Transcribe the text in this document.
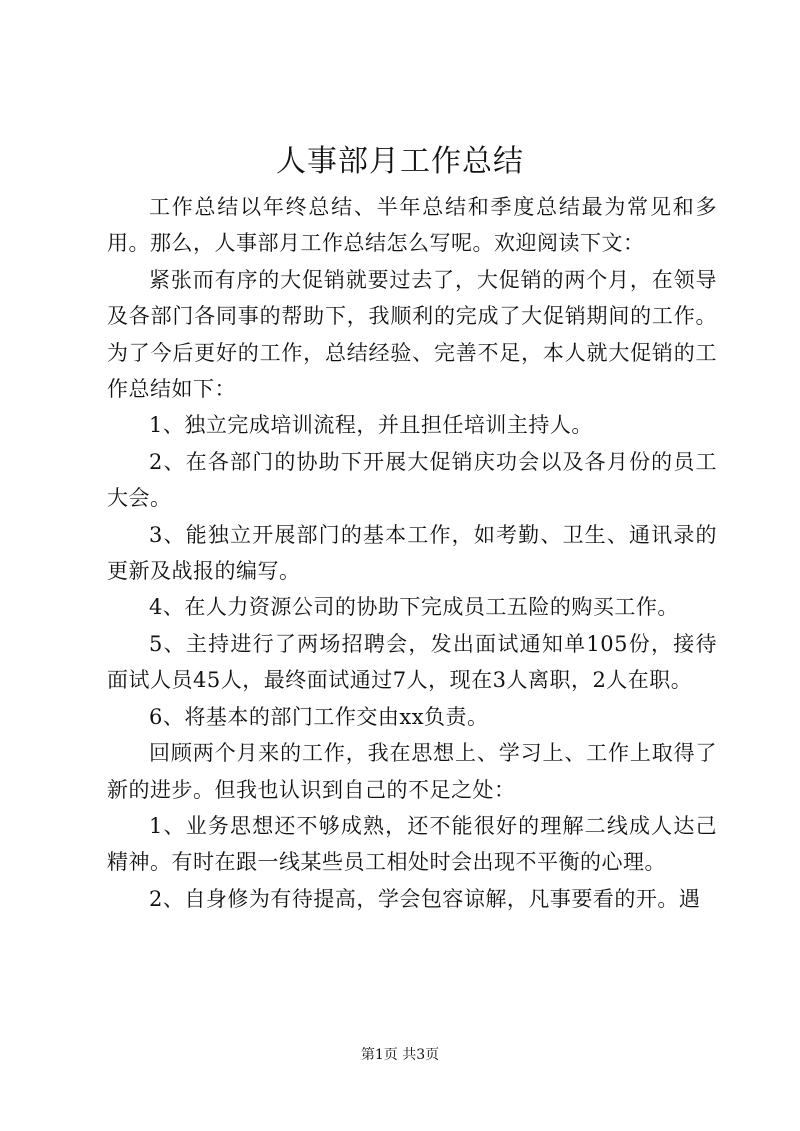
人事部月工作总结

工作总结以年终总结、半年总结和季度总结最为常见和多用。那么，人事部月工作总结怎么写呢。欢迎阅读下文：

紧张而有序的大促销就要过去了，大促销的两个月，在领导及各部门各同事的帮助下，我顺利的完成了大促销期间的工作。为了今后更好的工作，总结经验、完善不足，本人就大促销的工作总结如下：

1、独立完成培训流程，并且担任培训主持人。

2、在各部门的协助下开展大促销庆功会以及各月份的员工大会。

3、能独立开展部门的基本工作，如考勤、卫生、通讯录的更新及战报的编写。

4、在人力资源公司的协助下完成员工五险的购买工作。

5、主持进行了两场招聘会，发出面试通知单105份，接待面试人员45人，最终面试通过7人，现在3人离职，2人在职。

6、将基本的部门工作交由xx负责。

回顾两个月来的工作，我在思想上、学习上、工作上取得了新的进步。但我也认识到自己的不足之处：

1、业务思想还不够成熟，还不能很好的理解二线成人达己精神。有时在跟一线某些员工相处时会出现不平衡的心理。

2、自身修为有待提高，学会包容谅解，凡事要看的开。遇

第1页 共3页
